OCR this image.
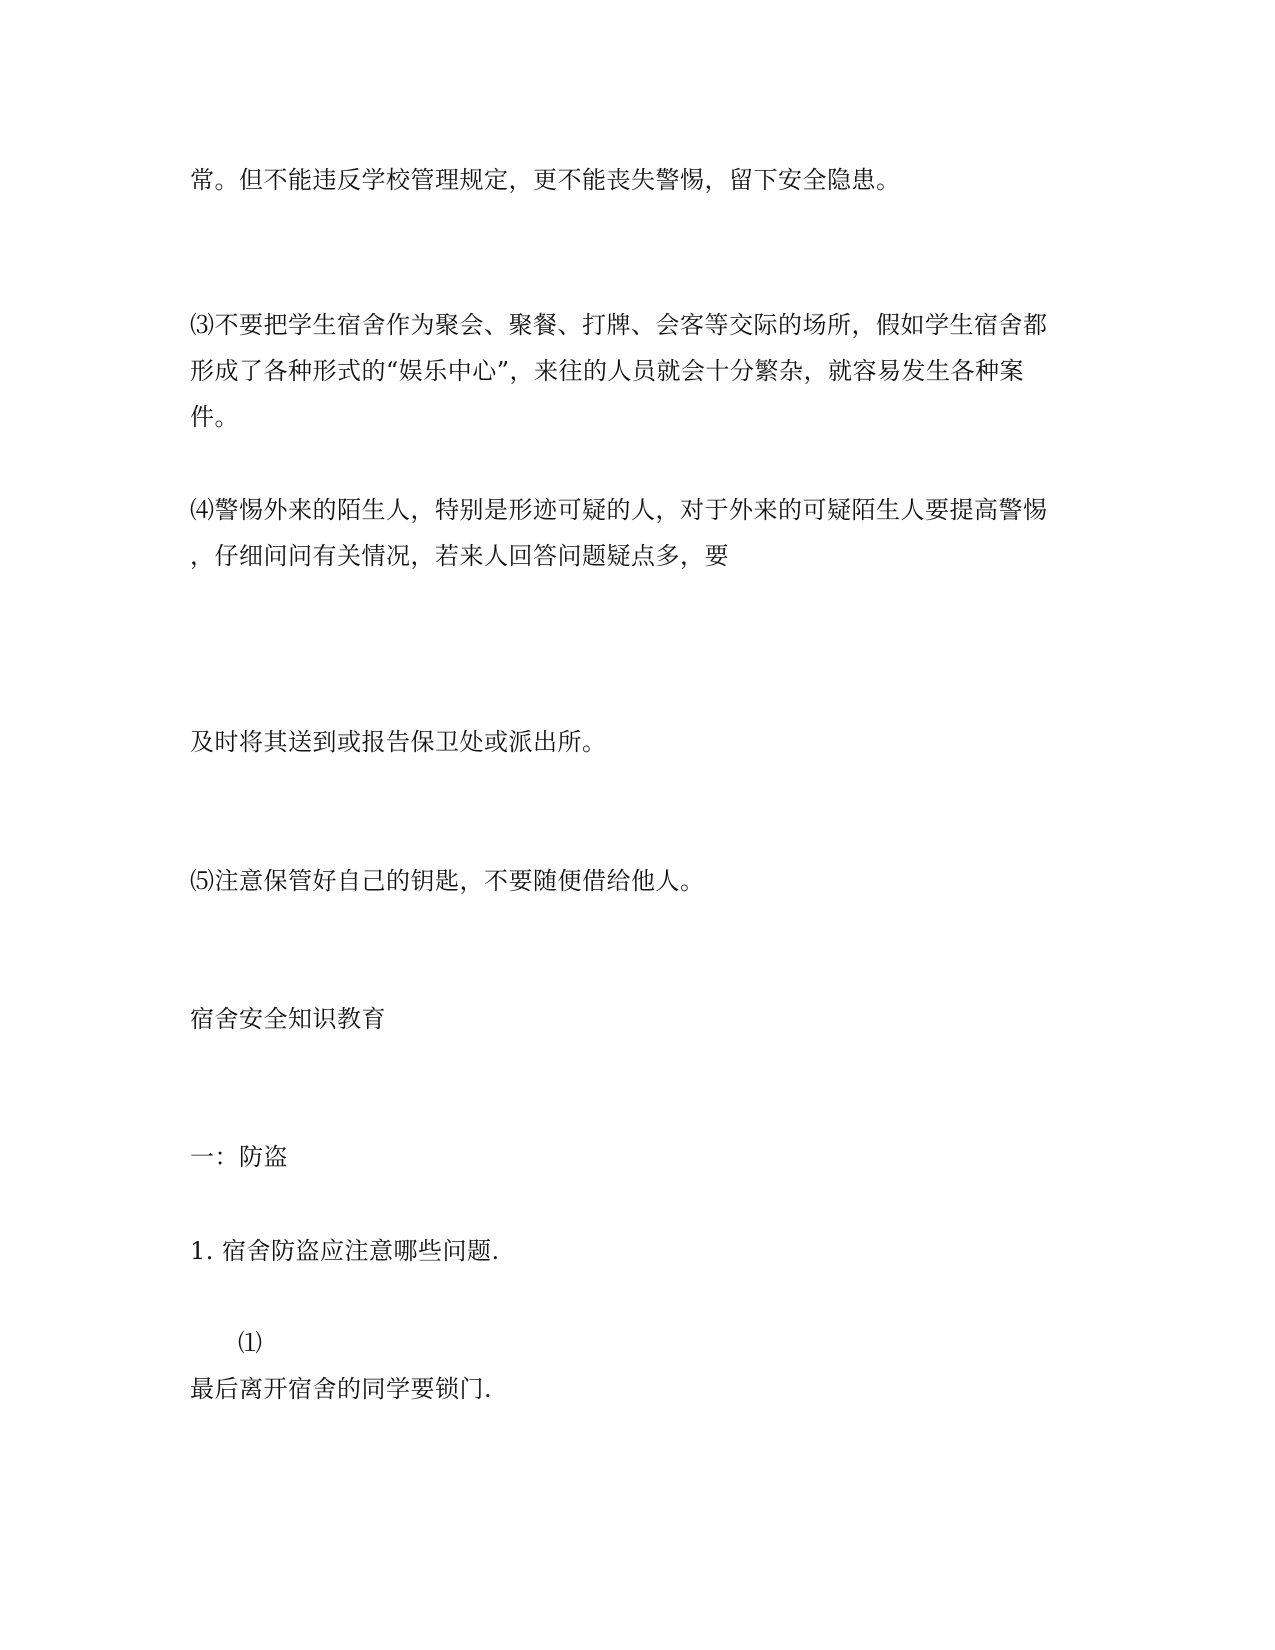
常。但不能违反学校管理规定，更不能丧失警惕，留下安全隐患。
⑶不要把学生宿舍作为聚会、聚餐、打牌、会客等交际的场所，假如学生宿舍都
形成了各种形式的“娱乐中心”，来往的人员就会十分繁杂，就容易发生各种案
件。
⑷警惕外来的陌生人，特别是形迹可疑的人，对于外来的可疑陌生人要提高警惕
，仔细问问有关情况，若来人回答问题疑点多，要
及时将其送到或报告保卫处或派出所。
⑸注意保管好自己的钥匙，不要随便借给他人。
宿舍安全知识教育
一：防盗
1. 宿舍防盗应注意哪些问题.
⑴
最后离开宿舍的同学要锁门.
